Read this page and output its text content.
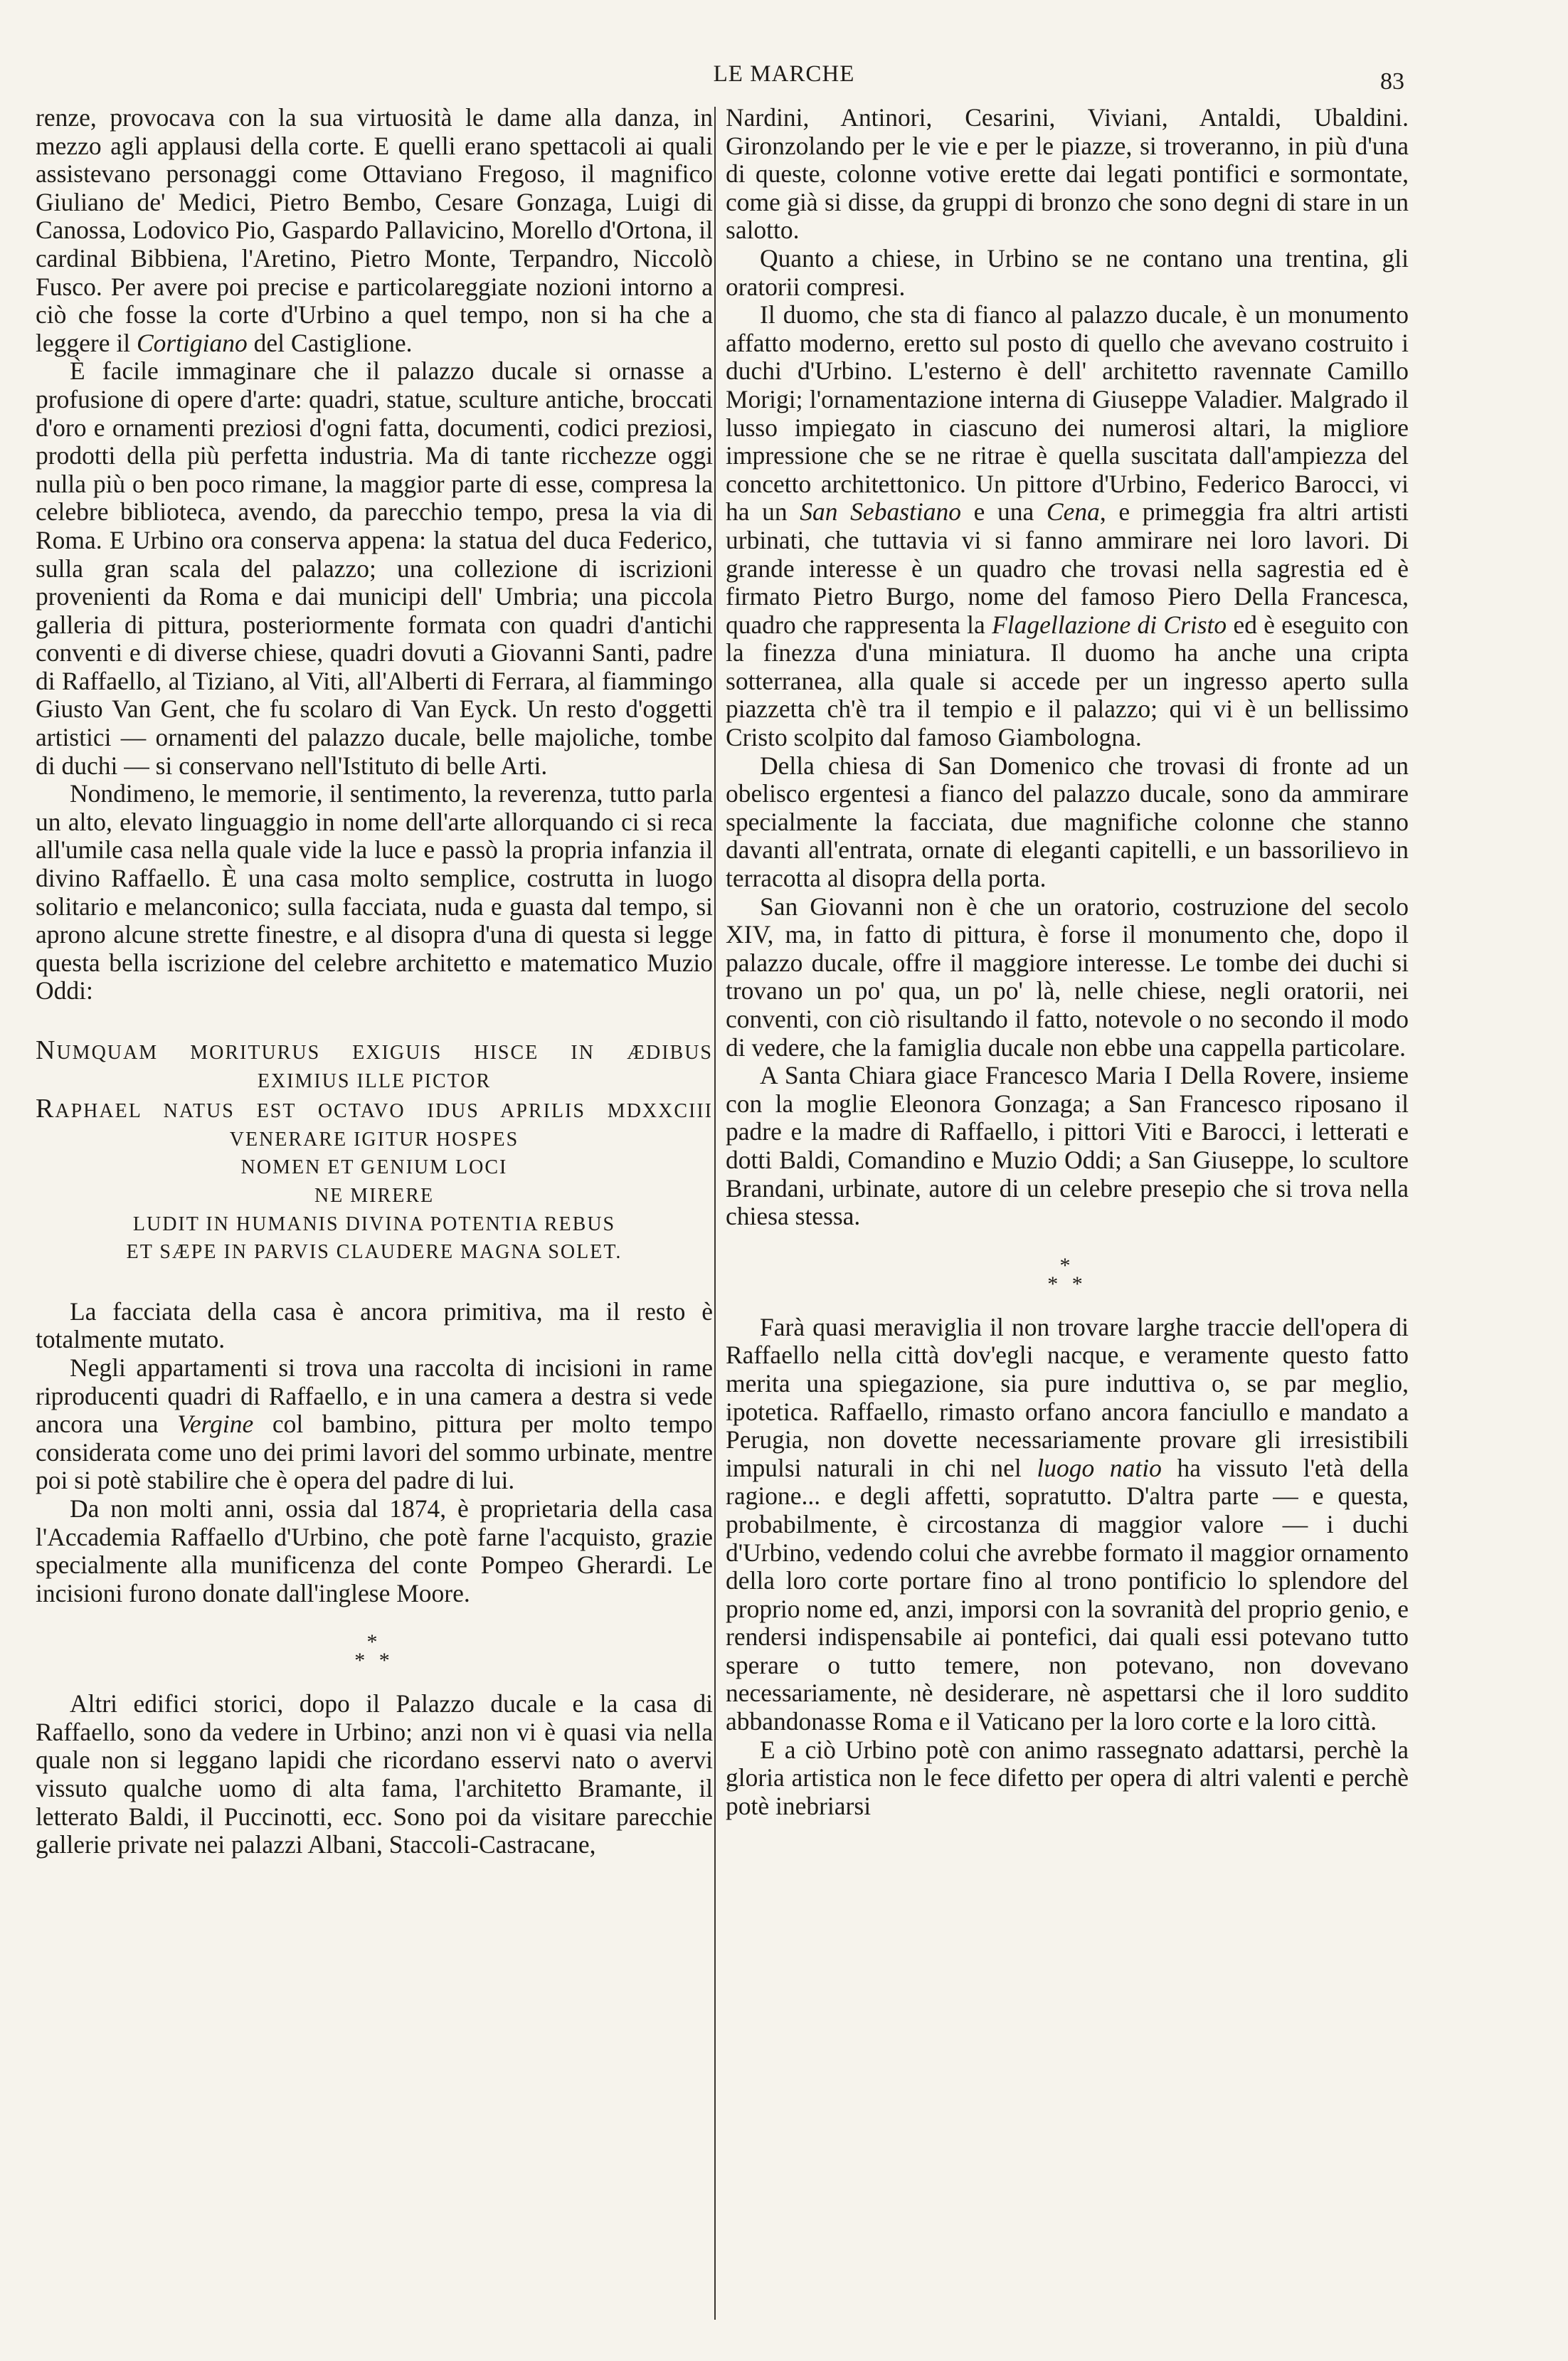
LE MARCHE	83

renze, provocava con la sua virtuosità le dame alla danza, in mezzo agli applausi della corte. E quelli erano spettacoli ai quali assistevano personaggi come Ottaviano Fregoso, il magnifico Giuliano de' Medici, Pietro Bembo, Cesare Gonzaga, Luigi di Canossa, Lodovico Pio, Gaspardo Pallavicino, Morello d'Ortona, il cardinal Bibbiena, l'Aretino, Pietro Monte, Terpandro, Niccolò Fusco. Per avere poi precise e particolareggiate nozioni intorno a ciò che fosse la corte d'Urbino a quel tempo, non si ha che a leggere il Cortigiano del Castiglione.

È facile immaginare che il palazzo ducale si ornasse a profusione di opere d'arte: quadri, statue, sculture antiche, broccati d'oro e ornamenti preziosi d'ogni fatta, documenti, codici preziosi, prodotti della più perfetta industria. Ma di tante ricchezze oggi nulla più o ben poco rimane, la maggior parte di esse, compresa la celebre biblioteca, avendo, da parecchio tempo, presa la via di Roma. E Urbino ora conserva appena: la statua del duca Federico, sulla gran scala del palazzo; una collezione di iscrizioni provenienti da Roma e dai municipi dell' Umbria; una piccola galleria di pittura, posteriormente formata con quadri d'antichi conventi e di diverse chiese, quadri dovuti a Giovanni Santi, padre di Raffaello, al Tiziano, al Viti, all'Alberti di Ferrara, al fiammingo Giusto Van Gent, che fu scolaro di Van Eyck. Un resto d'oggetti artistici — ornamenti del palazzo ducale, belle majoliche, tombe di duchi — si conservano nell'Istituto di belle Arti.

Nondimeno, le memorie, il sentimento, la reverenza, tutto parla un alto, elevato linguaggio in nome dell'arte allorquando ci si reca all'umile casa nella quale vide la luce e passò la propria infanzia il divino Raffaello. È una casa molto semplice, costrutta in luogo solitario e melanconico; sulla facciata, nuda e guasta dal tempo, si aprono alcune strette finestre, e al disopra d'una di questa si legge questa bella iscrizione del celebre architetto e matematico Muzio Oddi:

NUMQUAM MORITURUS EXIGUIS HISCE IN ÆDIBUS
EXIMIUS ILLE PICTOR
RAPHAEL NATUS EST OCTAVO IDUS APRILIS MDXXCIII
VENERARE IGITUR HOSPES
NOMEN ET GENIUM LOCI
NE MIRERE
LUDIT IN HUMANIS DIVINA POTENTIA REBUS
ET SÆPE IN PARVIS CLAUDERE MAGNA SOLET.

La facciata della casa è ancora primitiva, ma il resto è totalmente mutato.

Negli appartamenti si trova una raccolta di incisioni in rame riproducenti quadri di Raffaello, e in una camera a destra si vede ancora una Vergine col bambino, pittura per molto tempo considerata come uno dei primi lavori del sommo urbinate, mentre poi si potè stabilire che è opera del padre di lui.

Da non molti anni, ossia dal 1874, è proprietaria della casa l'Accademia Raffaello d'Urbino, che potè farne l'acquisto, grazie specialmente alla munificenza del conte Pompeo Gherardi. Le incisioni furono donate dall'inglese Moore.

*
* *

Altri edifici storici, dopo il Palazzo ducale e la casa di Raffaello, sono da vedere in Urbino; anzi non vi è quasi via nella quale non si leggano lapidi che ricordano esservi nato o avervi vissuto qualche uomo di alta fama, l'architetto Bramante, il letterato Baldi, il Puccinotti, ecc. Sono poi da visitare parecchie gallerie private nei palazzi Albani, Staccoli-Castracane,

Nardini, Antinori, Cesarini, Viviani, Antaldi, Ubaldini. Gironzolando per le vie e per le piazze, si troveranno, in più d'una di queste, colonne votive erette dai legati pontifici e sormontate, come già si disse, da gruppi di bronzo che sono degni di stare in un salotto.

Quanto a chiese, in Urbino se ne contano una trentina, gli oratorii compresi.

Il duomo, che sta di fianco al palazzo ducale, è un monumento affatto moderno, eretto sul posto di quello che avevano costruito i duchi d'Urbino. L'esterno è dell' architetto ravennate Camillo Morigi; l'ornamentazione interna di Giuseppe Valadier. Malgrado il lusso impiegato in ciascuno dei numerosi altari, la migliore impressione che se ne ritrae è quella suscitata dall'ampiezza del concetto architettonico. Un pittore d'Urbino, Federico Barocci, vi ha un San Sebastiano e una Cena, e primeggia fra altri artisti urbinati, che tuttavia vi si fanno ammirare nei loro lavori. Di grande interesse è un quadro che trovasi nella sagrestia ed è firmato Pietro Burgo, nome del famoso Piero Della Francesca, quadro che rappresenta la Flagellazione di Cristo ed è eseguito con la finezza d'una miniatura. Il duomo ha anche una cripta sotterranea, alla quale si accede per un ingresso aperto sulla piazzetta ch'è tra il tempio e il palazzo; qui vi è un bellissimo Cristo scolpito dal famoso Giambologna.

Della chiesa di San Domenico che trovasi di fronte ad un obelisco ergentesi a fianco del palazzo ducale, sono da ammirare specialmente la facciata, due magnifiche colonne che stanno davanti all'entrata, ornate di eleganti capitelli, e un bassorilievo in terracotta al disopra della porta.

San Giovanni non è che un oratorio, costruzione del secolo XIV, ma, in fatto di pittura, è forse il monumento che, dopo il palazzo ducale, offre il maggiore interesse. Le tombe dei duchi si trovano un po' qua, un po' là, nelle chiese, negli oratorii, nei conventi, con ciò risultando il fatto, notevole o no secondo il modo di vedere, che la famiglia ducale non ebbe una cappella particolare.

A Santa Chiara giace Francesco Maria I Della Rovere, insieme con la moglie Eleonora Gonzaga; a San Francesco riposano il padre e la madre di Raffaello, i pittori Viti e Barocci, i letterati e dotti Baldi, Comandino e Muzio Oddi; a San Giuseppe, lo scultore Brandani, urbinate, autore di un celebre presepio che si trova nella chiesa stessa.

*
* *

Farà quasi meraviglia il non trovare larghe traccie dell'opera di Raffaello nella città dov'egli nacque, e veramente questo fatto merita una spiegazione, sia pure induttiva o, se par meglio, ipotetica. Raffaello, rimasto orfano ancora fanciullo e mandato a Perugia, non dovette necessariamente provare gli irresistibili impulsi naturali in chi nel luogo natio ha vissuto l'età della ragione... e degli affetti, sopratutto. D'altra parte — e questa, probabilmente, è circostanza di maggior valore — i duchi d'Urbino, vedendo colui che avrebbe formato il maggior ornamento della loro corte portare fino al trono pontificio lo splendore del proprio nome ed, anzi, imporsi con la sovranità del proprio genio, e rendersi indispensabile ai pontefici, dai quali essi potevano tutto sperare o tutto temere, non potevano, non dovevano necessariamente, nè desiderare, nè aspettarsi che il loro suddito abbandonasse Roma e il Vaticano per la loro corte e la loro città.

E a ciò Urbino potè con animo rassegnato adattarsi, perchè la gloria artistica non le fece difetto per opera di altri valenti e perchè potè inebriarsi
